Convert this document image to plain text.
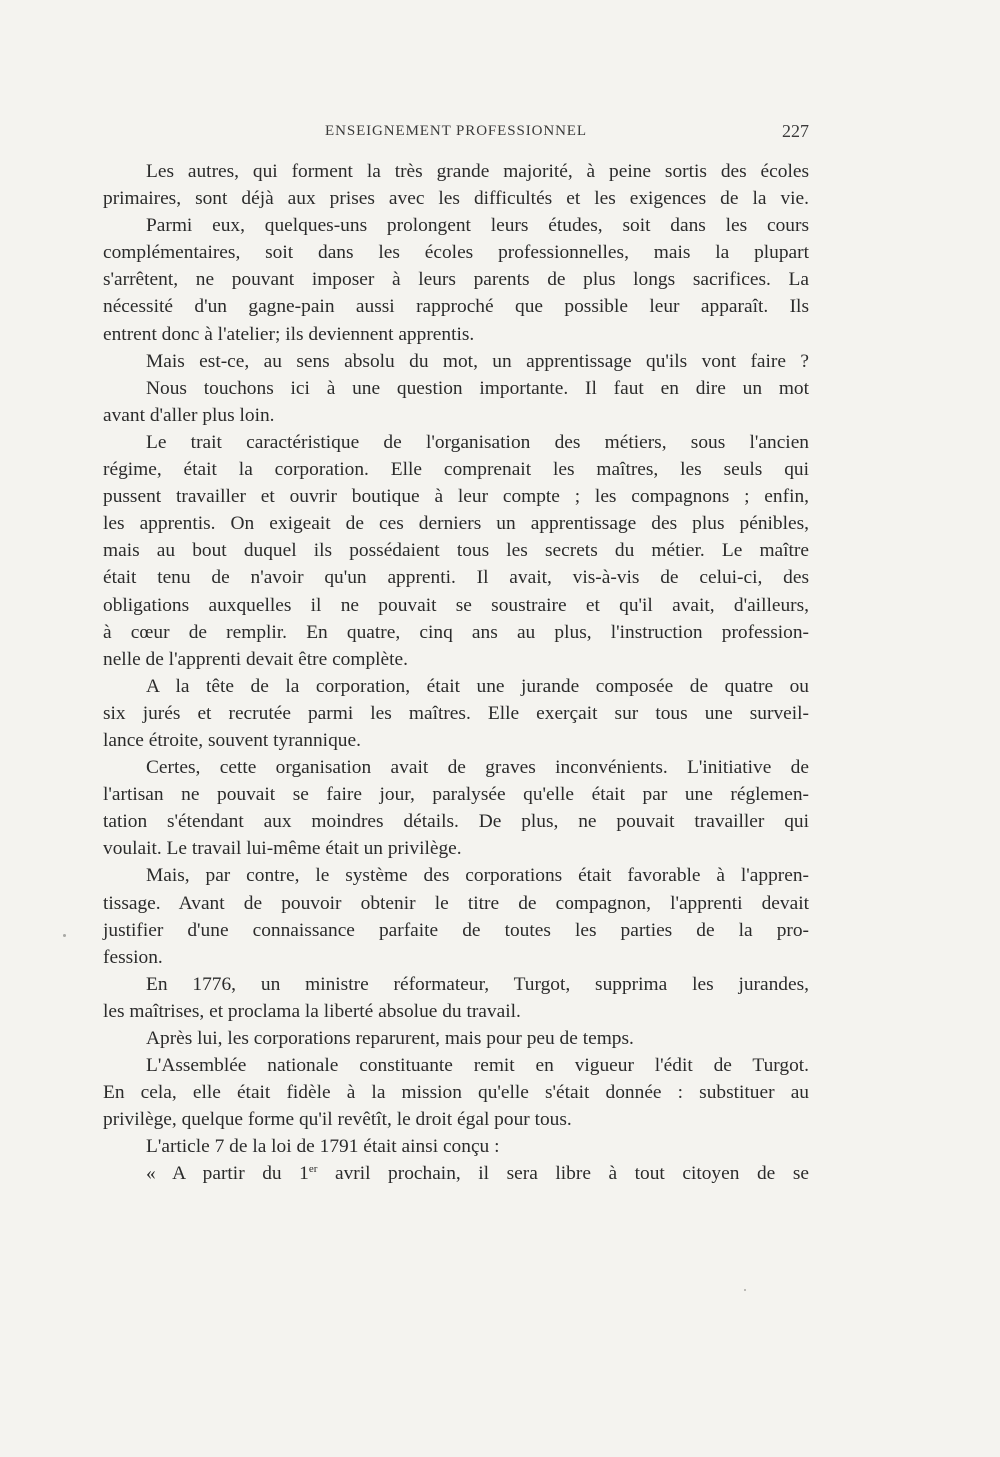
ENSEIGNEMENT PROFESSIONNEL	227
Les autres, qui forment la très grande majorité, à peine sortis des écoles
primaires, sont déjà aux prises avec les difficultés et les exigences de la vie.
Parmi eux, quelques-uns prolongent leurs études, soit dans les cours
complémentaires, soit dans les écoles professionnelles, mais la plupart
s'arrêtent, ne pouvant imposer à leurs parents de plus longs sacrifices. La
nécessité d'un gagne-pain aussi rapproché que possible leur apparaît. Ils
entrent donc à l'atelier; ils deviennent apprentis.
Mais est-ce, au sens absolu du mot, un apprentissage qu'ils vont faire ?
Nous touchons ici à une question importante. Il faut en dire un mot
avant d'aller plus loin.
Le trait caractéristique de l'organisation des métiers, sous l'ancien
régime, était la corporation. Elle comprenait les maîtres, les seuls qui
pussent travailler et ouvrir boutique à leur compte ; les compagnons ; enfin,
les apprentis. On exigeait de ces derniers un apprentissage des plus pénibles,
mais au bout duquel ils possédaient tous les secrets du métier. Le maître
était tenu de n'avoir qu'un apprenti. Il avait, vis-à-vis de celui-ci, des
obligations auxquelles il ne pouvait se soustraire et qu'il avait, d'ailleurs,
à cœur de remplir. En quatre, cinq ans au plus, l'instruction profession-
nelle de l'apprenti devait être complète.
A la tête de la corporation, était une jurande composée de quatre ou
six jurés et recrutée parmi les maîtres. Elle exerçait sur tous une surveil-
lance étroite, souvent tyrannique.
Certes, cette organisation avait de graves inconvénients. L'initiative de
l'artisan ne pouvait se faire jour, paralysée qu'elle était par une réglemen-
tation s'étendant aux moindres détails. De plus, ne pouvait travailler qui
voulait. Le travail lui-même était un privilège.
Mais, par contre, le système des corporations était favorable à l'appren-
tissage. Avant de pouvoir obtenir le titre de compagnon, l'apprenti devait
justifier d'une connaissance parfaite de toutes les parties de la pro-
fession.
En 1776, un ministre réformateur, Turgot, supprima les jurandes,
les maîtrises, et proclama la liberté absolue du travail.
Après lui, les corporations reparurent, mais pour peu de temps.
L'Assemblée nationale constituante remit en vigueur l'édit de Turgot.
En cela, elle était fidèle à la mission qu'elle s'était donnée : substituer au
privilège, quelque forme qu'il revêtît, le droit égal pour tous.
L'article 7 de la loi de 1791 était ainsi conçu :
« A partir du 1er avril prochain, il sera libre à tout citoyen de se
